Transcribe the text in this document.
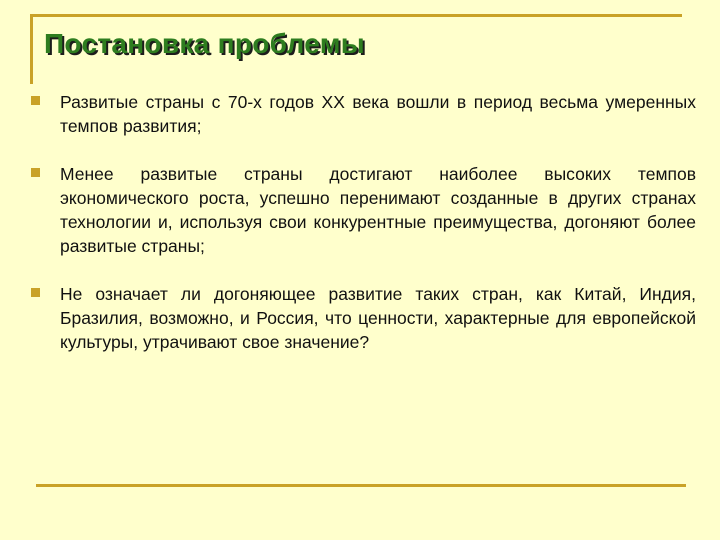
Постановка проблемы
Развитые страны с 70-х годов XX века вошли в период весьма умеренных темпов развития;
Менее развитые страны достигают наиболее высоких темпов экономического роста, успешно перенимают созданные в других странах технологии и, используя свои конкурентные преимущества, догоняют более развитые страны;
Не означает ли догоняющее развитие таких стран, как Китай, Индия, Бразилия, возможно, и Россия, что ценности, характерные для европейской культуры, утрачивают свое значение?
